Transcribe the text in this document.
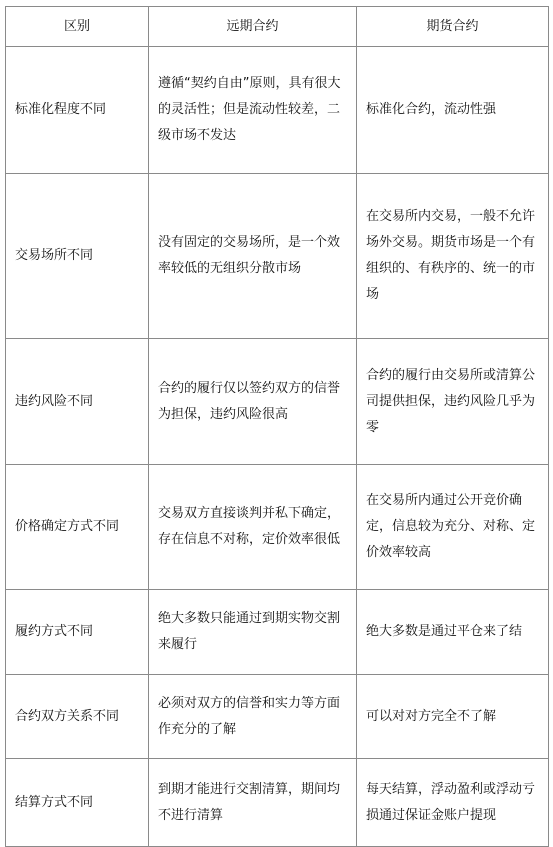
区别	远期合约	期货合约
标准化程度不同	遵循“契约自由”原则，具有很大的灵活性；但是流动性较差，二级市场不发达	标准化合约，流动性强
交易场所不同	没有固定的交易场所，是一个效率较低的无组织分散市场	在交易所内交易，一般不允许场外交易。期货市场是一个有组织的、有秩序的、统一的市场
违约风险不同	合约的履行仅以签约双方的信誉为担保，违约风险很高	合约的履行由交易所或清算公司提供担保，违约风险几乎为零
价格确定方式不同	交易双方直接谈判并私下确定，存在信息不对称，定价效率很低	在交易所内通过公开竞价确定，信息较为充分、对称、定价效率较高
履约方式不同	绝大多数只能通过到期实物交割来履行	绝大多数是通过平仓来了结
合约双方关系不同	必须对双方的信誉和实力等方面作充分的了解	可以对对方完全不了解
结算方式不同	到期才能进行交割清算，期间均不进行清算	每天结算，浮动盈利或浮动亏损通过保证金账户提现
